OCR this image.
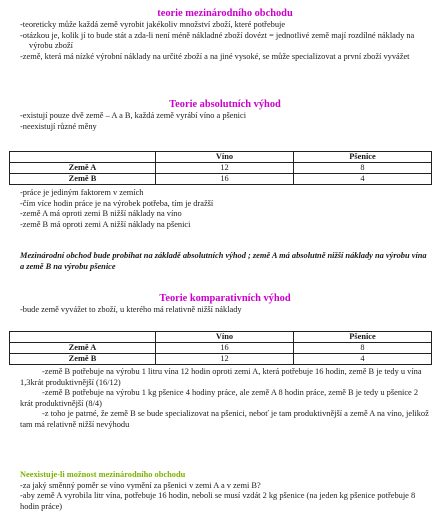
teorie mezinárodního obchodu
-teoreticky může každá země vyrobit jakékoliv množství zboží, které potřebuje
-otázkou je, kolik jí to bude stát a zda-li není méně nákladné zboží dovézt = jednotlivé země mají rozdílné náklady na výrobu zboží
-země, která má nízké výrobní náklady na určité zboží a na jiné vysoké, se může specializovat a první zboží vyvážet
Teorie absolutních výhod
-existují pouze dvě země – A a B, každá země vyrábí víno a pšenici
-neexistují různé měny
	Víno	Pšenice
Země A	12	8
Země B	16	4
-práce je jediným faktorem v zemích
-čím více hodin práce je na výrobek potřeba, tím je dražší
-země A má oproti zemi B nižší náklady na víno
-země B má oproti zemi A nižší náklady na pšenici
Mezinárodní obchod bude probíhat na základě absolutních výhod ; země A má absolutně nižší náklady na výrobu vína a země B na výrobu pšenice
Teorie komparativních výhod
-bude země vyvážet to zboží, u kterého má relativně nižší náklady
	Víno	Pšenice
Země A	16	8
Země B	12	4
-země B potřebuje na výrobu 1 litru vína 12 hodin oproti zemi A, která potřebuje 16 hodin, země B je tedy u vína 1,3krát produktivnější (16/12)
-země B potřebuje na výrobu 1 kg pšenice 4 hodiny práce, ale země A 8 hodin práce, země B je tedy u pšenice 2 krát produktivnější (8/4)
-z toho je patrné, že země B se bude specializovat na pšenici, neboť je tam produktivnější a země A na víno, jelikož tam má relativně nižší nevýhodu
Neexistuje-li možnost mezinárodního obchodu
-za jaký směnný poměr se víno vymění za pšenici v zemi A a v zemi B?
-aby země A vyrobila litr vína, potřebuje 16 hodin, neboli se musí vzdát 2 kg pšenice (na jeden kg pšenice potřebuje 8 hodin práce)
